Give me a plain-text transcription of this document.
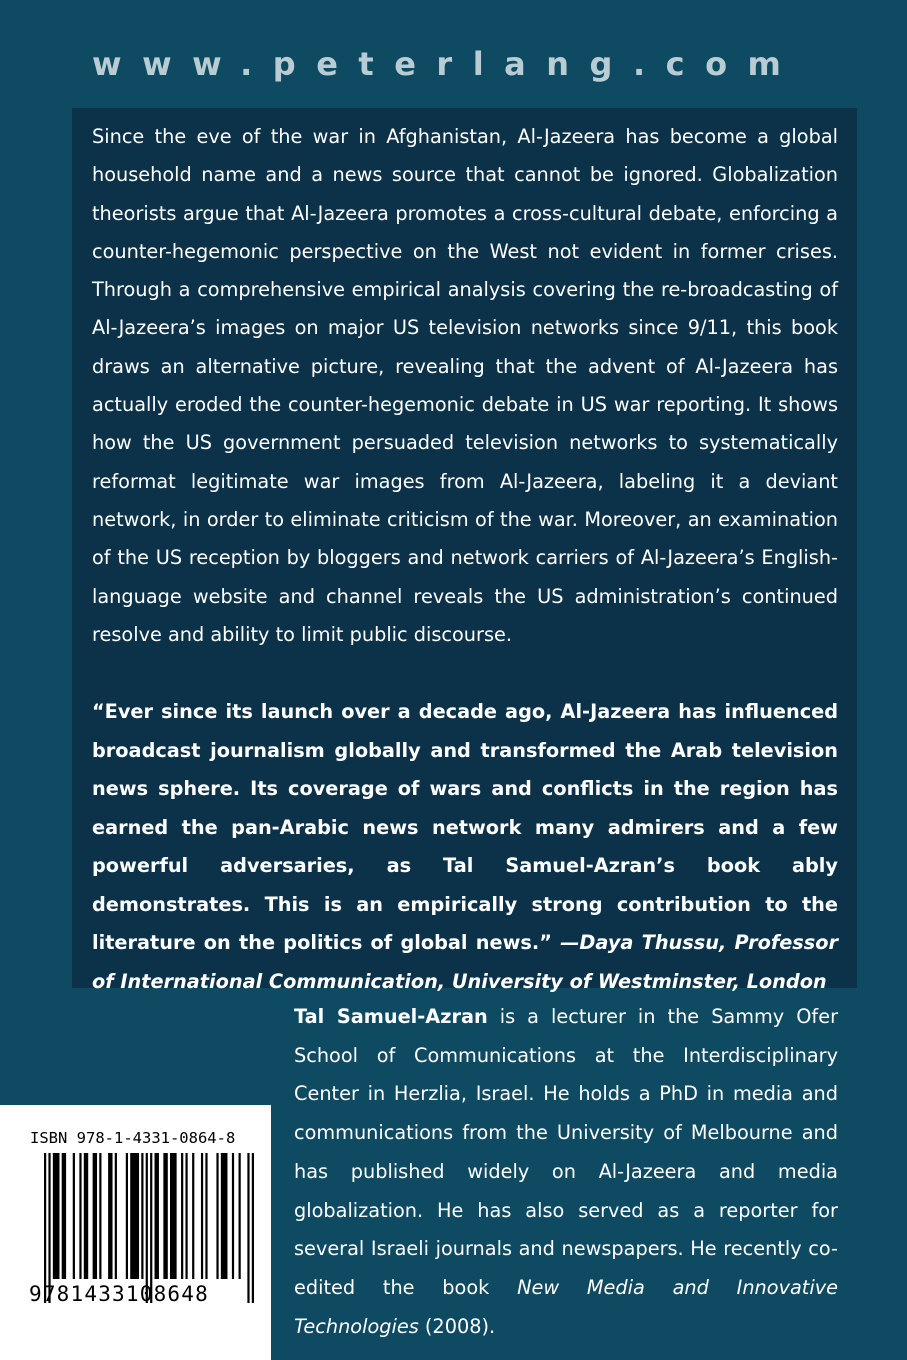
www.peterlang.com

Since the eve of the war in Afghanistan, Al-Jazeera has become a global household name and a news source that cannot be ignored. Globalization theorists argue that Al-Jazeera promotes a cross-cultural debate, enforcing a counter-hegemonic perspective on the West not evident in former crises. Through a comprehensive empirical analysis covering the re-broadcasting of Al-Jazeera’s images on major US television networks since 9/11, this book draws an alternative picture, revealing that the advent of Al-Jazeera has actually eroded the counter-hegemonic debate in US war reporting. It shows how the US government persuaded television networks to systematically reformat legitimate war images from Al-Jazeera, labeling it a deviant network, in order to eliminate criticism of the war. Moreover, an examination of the US reception by bloggers and network carriers of Al-Jazeera’s English-language website and channel reveals the US administration’s continued resolve and ability to limit public discourse.

“Ever since its launch over a decade ago, Al-Jazeera has influenced broadcast journalism globally and transformed the Arab television news sphere. Its coverage of wars and conflicts in the region has earned the pan-Arabic news network many admirers and a few powerful adversaries, as Tal Samuel-Azran’s book ably demonstrates. This is an empirically strong contribution to the literature on the politics of global news.” —Daya Thussu, Professor of International Communication, University of Westminster, London

Tal Samuel-Azran is a lecturer in the Sammy Ofer School of Communications at the Interdisciplinary Center in Herzlia, Israel. He holds a PhD in media and communications from the University of Melbourne and has published widely on Al-Jazeera and media globalization. He has also served as a reporter for several Israeli journals and newspapers. He recently co-edited the book New Media and Innovative Technologies (2008).

ISBN 978-1-4331-0864-8
9781433108648
